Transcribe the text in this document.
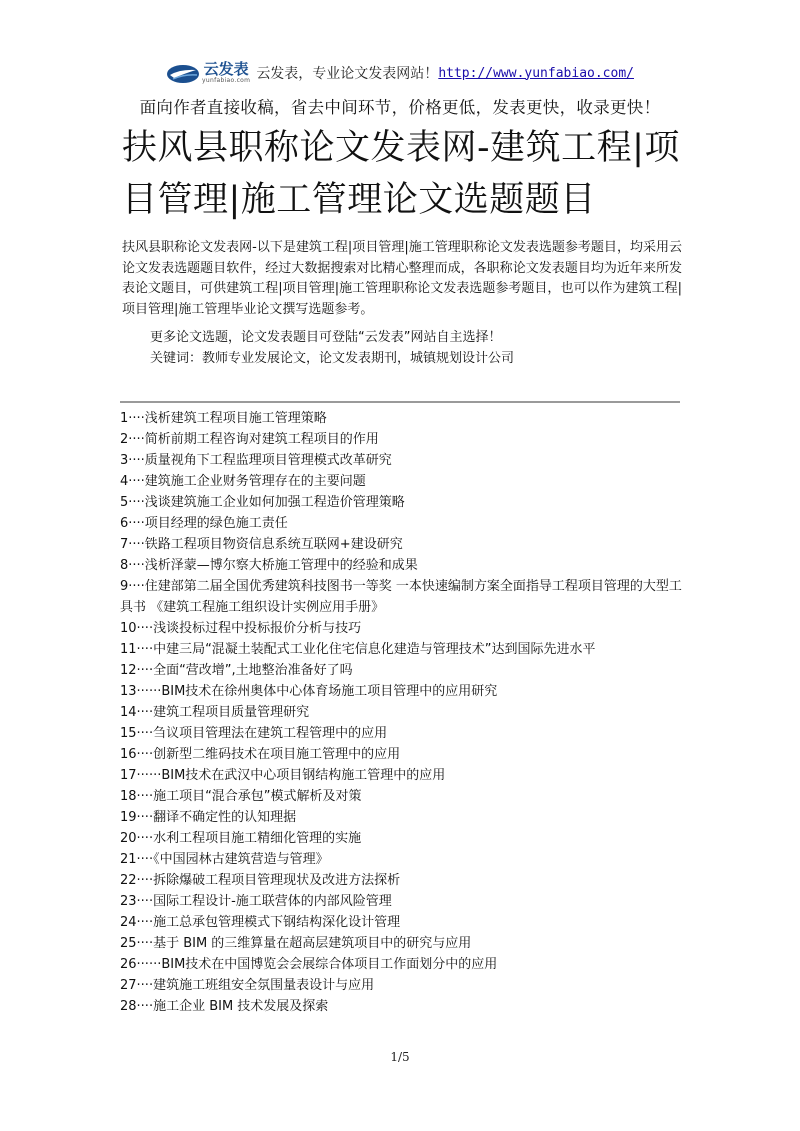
云发表
yunfabiao.com 云发表，专业论文发表网站！ http://www.yunfabiao.com/
面向作者直接收稿，省去中间环节，价格更低，发表更快，收录更快！
扶风县职称论文发表网-建筑工程|项目管理|施工管理论文选题题目

扶风县职称论文发表网-以下是建筑工程|项目管理|施工管理职称论文发表选题参考题目，均采用云论文发表选题题目软件，经过大数据搜索对比精心整理而成，各职称论文发表题目均为近年来所发表论文题目，可供建筑工程|项目管理|施工管理职称论文发表选题参考题目，也可以作为建筑工程|项目管理|施工管理毕业论文撰写选题参考。

更多论文选题，论文发表题目可登陆“云发表”网站自主选择！

关键词：教师专业发展论文，论文发表期刊，城镇规划设计公司

1····浅析建筑工程项目施工管理策略
2····简析前期工程咨询对建筑工程项目的作用
3····质量视角下工程监理项目管理模式改革研究
4····建筑施工企业财务管理存在的主要问题
5····浅谈建筑施工企业如何加强工程造价管理策略
6····项目经理的绿色施工责任
7····铁路工程项目物资信息系统互联网+建设研究
8····浅析泽蒙—博尔察大桥施工管理中的经验和成果
9····住建部第二届全国优秀建筑科技图书一等奖 一本快速编制方案全面指导工程项目管理的大型工具书 《建筑工程施工组织设计实例应用手册》
10····浅谈投标过程中投标报价分析与技巧
11····中建三局“混凝土装配式工业化住宅信息化建造与管理技术”达到国际先进水平
12····全面“营改增”,土地整治准备好了吗
13······BIM技术在徐州奥体中心体育场施工项目管理中的应用研究
14····建筑工程项目质量管理研究
15····刍议项目管理法在建筑工程管理中的应用
16····创新型二维码技术在项目施工管理中的应用
17······BIM技术在武汉中心项目钢结构施工管理中的应用
18····施工项目“混合承包”模式解析及对策
19····翻译不确定性的认知理据
20····水利工程项目施工精细化管理的实施
21····《中国园林古建筑营造与管理》
22····拆除爆破工程项目管理现状及改进方法探析
23····国际工程设计-施工联营体的内部风险管理
24····施工总承包管理模式下钢结构深化设计管理
25····基于 BIM 的三维算量在超高层建筑项目中的研究与应用
26······BIM技术在中国博览会会展综合体项目工作面划分中的应用
27····建筑施工班组安全氛围量表设计与应用
28····施工企业 BIM 技术发展及探索
1/5
